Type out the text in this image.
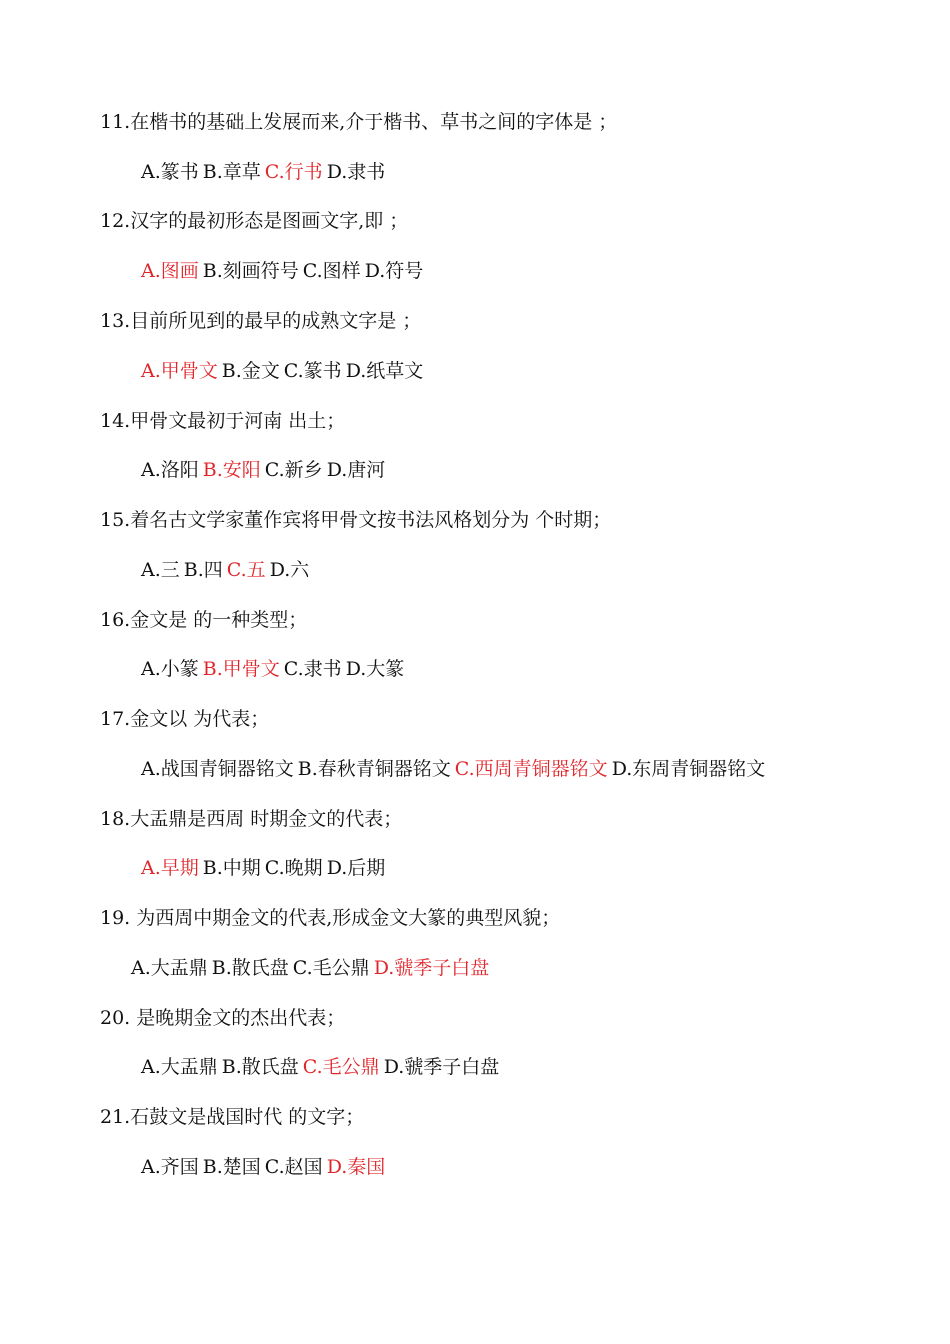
11.在楷书的基础上发展而来,介于楷书、草书之间的字体是 ；
A.篆书 B.章草 C.行书 D.隶书
12.汉字的最初形态是图画文字,即 ；
A.图画 B.刻画符号 C.图样 D.符号
13.目前所见到的最早的成熟文字是 ；
A.甲骨文 B.金文 C.篆书 D.纸草文
14.甲骨文最初于河南 出土；
A.洛阳 B.安阳 C.新乡 D.唐河
15.着名古文学家董作宾将甲骨文按书法风格划分为 个时期；
A.三 B.四 C.五 D.六
16.金文是 的一种类型；
A.小篆 B.甲骨文 C.隶书 D.大篆
17.金文以 为代表；
A.战国青铜器铭文 B.春秋青铜器铭文 C.西周青铜器铭文 D.东周青铜器铭文
18.大盂鼎是西周 时期金文的代表；
A.早期 B.中期 C.晚期 D.后期
19. 为西周中期金文的代表,形成金文大篆的典型风貌；
A.大盂鼎 B.散氏盘 C.毛公鼎 D.虢季子白盘
20. 是晚期金文的杰出代表；
A.大盂鼎 B.散氏盘 C.毛公鼎 D.虢季子白盘
21.石鼓文是战国时代 的文字；
A.齐国 B.楚国 C.赵国 D.秦国
